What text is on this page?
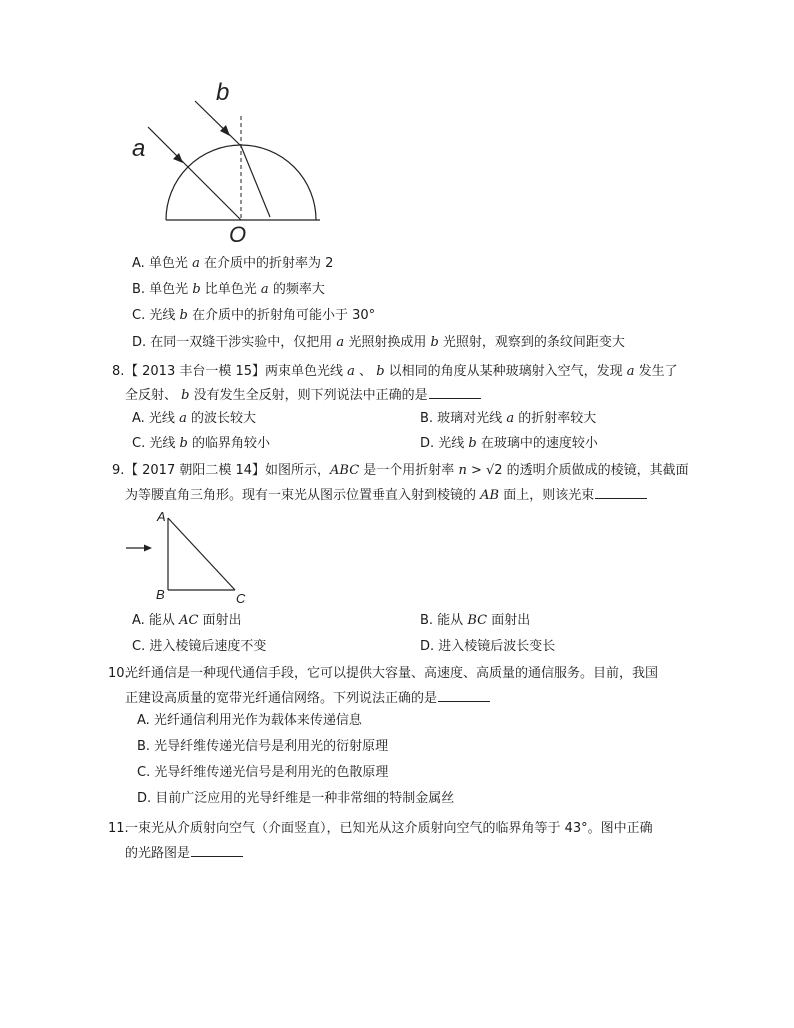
a
b
O
A. 单色光 a 在介质中的折射率为 2
B. 单色光 b 比单色光 a 的频率大
C. 光线 b 在介质中的折射角可能小于 30°
D. 在同一双缝干涉实验中，仅把用 a 光照射换成用 b 光照射，观察到的条纹间距变大
8. 【 2013 丰台一模 15】两束单色光线 a 、 b 以相同的角度从某种玻璃射入空气，发现 a 发生了
全反射、 b 没有发生全反射，则下列说法中正确的是
A. 光线 a 的波长较大	B. 玻璃对光线 a 的折射率较大
C. 光线 b 的临界角较小	D. 光线 b 在玻璃中的速度较小
9. 【 2017 朝阳二模 14】如图所示，ABC 是一个用折射率 n > √2 的透明介质做成的棱镜，其截面
为等腰直角三角形。现有一束光从图示位置垂直入射到棱镜的 AB 面上，则该光束
A
B	C
A. 能从 AC 面射出	B. 能从 BC 面射出
C. 进入棱镜后速度不变	D. 进入棱镜后波长变长
10.
光纤通信是一种现代通信手段，它可以提供大容量、高速度、高质量的通信服务。目前，我国
正建设高质量的宽带光纤通信网络。下列说法正确的是
A. 光纤通信利用光作为载体来传递信息
B. 光导纤维传递光信号是利用光的衍射原理
C. 光导纤维传递光信号是利用光的色散原理
D. 目前广泛应用的光导纤维是一种非常细的特制金属丝
11.
一束光从介质射向空气（介面竖直），已知光从这介质射向空气的临界角等于 43°。图中正确
的光路图是
